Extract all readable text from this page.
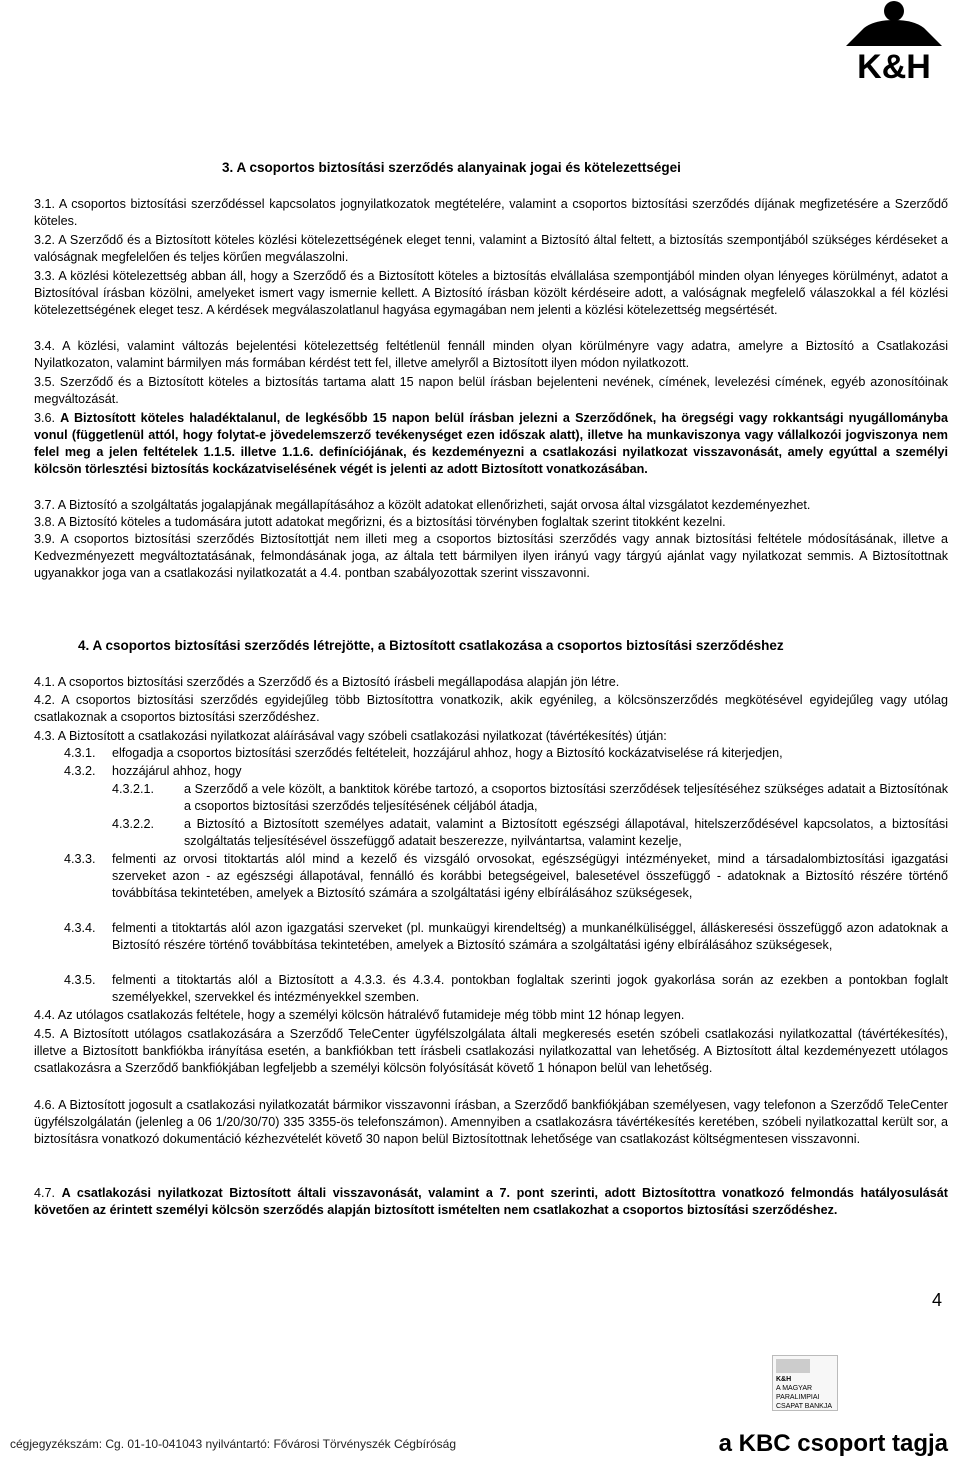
K&H
3. A csoportos biztosítási szerződés alanyainak jogai és kötelezettségei
3.1. A csoportos biztosítási szerződéssel kapcsolatos jognyilatkozatok megtételére, valamint a csoportos biztosítási szerződés díjának megfizetésére a Szerződő köteles.
3.2. A Szerződő és a Biztosított köteles közlési kötelezettségének eleget tenni, valamint a Biztosító által feltett, a biztosítás szempontjából szükséges kérdéseket a valóságnak megfelelően és teljes körűen megválaszolni.
3.3. A közlési kötelezettség abban áll, hogy a Szerződő és a Biztosított köteles a biztosítás elvállalása szempontjából minden olyan lényeges körülményt, adatot a Biztosítóval írásban közölni, amelyeket ismert vagy ismernie kellett. A Biztosító írásban közölt kérdéseire adott, a valóságnak megfelelő válaszokkal a fél közlési kötelezettségének eleget tesz. A kérdések megválaszolatlanul hagyása egymagában nem jelenti a közlési kötelezettség megsértését.
3.4. A közlési, valamint változás bejelentési kötelezettség feltétlenül fennáll minden olyan körülményre vagy adatra, amelyre a Biztosító a Csatlakozási Nyilatkozaton, valamint bármilyen más formában kérdést tett fel, illetve amelyről a Biztosított ilyen módon nyilatkozott.
3.5. Szerződő és a Biztosított köteles a biztosítás tartama alatt 15 napon belül írásban bejelenteni nevének, címének, levelezési címének, egyéb azonosítóinak megváltozását.
3.6. A Biztosított köteles haladéktalanul, de legkésőbb 15 napon belül írásban jelezni a Szerződőnek, ha öregségi vagy rokkantsági nyugállományba vonul (függetlenül attól, hogy folytat-e jövedelemszerző tevékenységet ezen időszak alatt), illetve ha munkaviszonya vagy vállalkozói jogviszonya nem felel meg a jelen feltételek 1.1.5. illetve 1.1.6. definíciójának, és kezdeményezni a csatlakozási nyilatkozat visszavonását, amely egyúttal a személyi kölcsön törlesztési biztosítás kockázatviselésének végét is jelenti az adott Biztosított vonatkozásában.
3.7. A Biztosító a szolgáltatás jogalapjának megállapításához a közölt adatokat ellenőrizheti, saját orvosa által vizsgálatot kezdeményezhet.
3.8. A Biztosító köteles a tudomására jutott adatokat megőrizni, és a biztosítási törvényben foglaltak szerint titokként kezelni.
3.9. A csoportos biztosítási szerződés Biztosítottját nem illeti meg a csoportos biztosítási szerződés vagy annak biztosítási feltétele módosításának, illetve a Kedvezményezett megváltoztatásának, felmondásának joga, az általa tett bármilyen ilyen irányú vagy tárgyú ajánlat vagy nyilatkozat semmis. A Biztosítottnak ugyanakkor joga van a csatlakozási nyilatkozatát a 4.4. pontban szabályozottak szerint visszavonni.
4. A csoportos biztosítási szerződés létrejötte, a Biztosított csatlakozása a csoportos biztosítási szerződéshez
4.1. A csoportos biztosítási szerződés a Szerződő és a Biztosító írásbeli megállapodása alapján jön létre.
4.2. A csoportos biztosítási szerződés egyidejűleg több Biztosítottra vonatkozik, akik egyénileg, a kölcsönszerződés megkötésével egyidejűleg vagy utólag csatlakoznak a csoportos biztosítási szerződéshez.
4.3. A Biztosított a csatlakozási nyilatkozat aláírásával vagy szóbeli csatlakozási nyilatkozat (távértékesítés) útján:
4.3.1.	elfogadja a csoportos biztosítási szerződés feltételeit, hozzájárul ahhoz, hogy a Biztosító kockázatviselése rá kiterjedjen,
4.3.2.	hozzájárul ahhoz, hogy
4.3.2.1.	a Szerződő a vele közölt, a banktitok körébe tartozó, a csoportos biztosítási szerződések teljesítéséhez szükséges adatait a Biztosítónak a csoportos biztosítási szerződés teljesítésének céljából átadja,
4.3.2.2.	a Biztosító a Biztosított személyes adatait, valamint a Biztosított egészségi állapotával, hitelszerződésével kapcsolatos, a biztosítási szolgáltatás teljesítésével összefüggő adatait beszerezze, nyilvántartsa, valamint kezelje,
4.3.3.	felmenti az orvosi titoktartás alól mind a kezelő és vizsgáló orvosokat, egészségügyi intézményeket, mind a társadalombiztosítási igazgatási szerveket azon - az egészségi állapotával, fennálló és korábbi betegségeivel, balesetével összefüggő - adatoknak a Biztosító részére történő továbbítása tekintetében, amelyek a Biztosító számára a szolgáltatási igény elbírálásához szükségesek,
4.3.4.	felmenti a titoktartás alól azon igazgatási szerveket (pl. munkaügyi kirendeltség) a munkanélküliséggel, álláskeresési összefüggő azon adatoknak a Biztosító részére történő továbbítása tekintetében, amelyek a Biztosító számára a szolgáltatási igény elbírálásához szükségesek,
4.3.5.	felmenti a titoktartás alól a Biztosított a 4.3.3. és 4.3.4. pontokban foglaltak szerinti jogok gyakorlása során az ezekben a pontokban foglalt személyekkel, szervekkel és intézményekkel szemben.
4.4. Az utólagos csatlakozás feltétele, hogy a személyi kölcsön hátralévő futamideje még több mint 12 hónap legyen.
4.5. A Biztosított utólagos csatlakozására a Szerződő TeleCenter ügyfélszolgálata általi megkeresés esetén szóbeli csatlakozási nyilatkozattal (távértékesítés), illetve a Biztosított bankfiókba irányítása esetén, a bankfiókban tett írásbeli csatlakozási nyilatkozattal van lehetőség. A Biztosított által kezdeményezett utólagos csatlakozásra a Szerződő bankfiókjában legfeljebb a személyi kölcsön folyósítását követő 1 hónapon belül van lehetőség.
4.6. A Biztosított jogosult a csatlakozási nyilatkozatát bármikor visszavonni írásban, a Szerződő bankfiókjában személyesen, vagy telefonon a Szerződő TeleCenter ügyfélszolgálatán (jelenleg a 06 1/20/30/70) 335 3355-ös telefonszámon). Amennyiben a csatlakozásra távértékesítés keretében, szóbeli nyilatkozattal került sor, a biztosításra vonatkozó dokumentáció kézhezvételét követő 30 napon belül Biztosítottnak lehetősége van csatlakozást költségmentesen visszavonni.
4.7. A csatlakozási nyilatkozat Biztosított általi visszavonását, valamint a 7. pont szerinti, adott Biztosítottra vonatkozó felmondás hatályosulását követően az érintett személyi kölcsön szerződés alapján biztosított ismételten nem csatlakozhat a csoportos biztosítási szerződéshez.
4
K&H
A MAGYAR
PARALIMPIAI
CSAPAT BANKJA
cégjegyzékszám: Cg. 01-10-041043 nyilvántartó: Fővárosi Törvényszék Cégbíróság	a KBC csoport tagja
